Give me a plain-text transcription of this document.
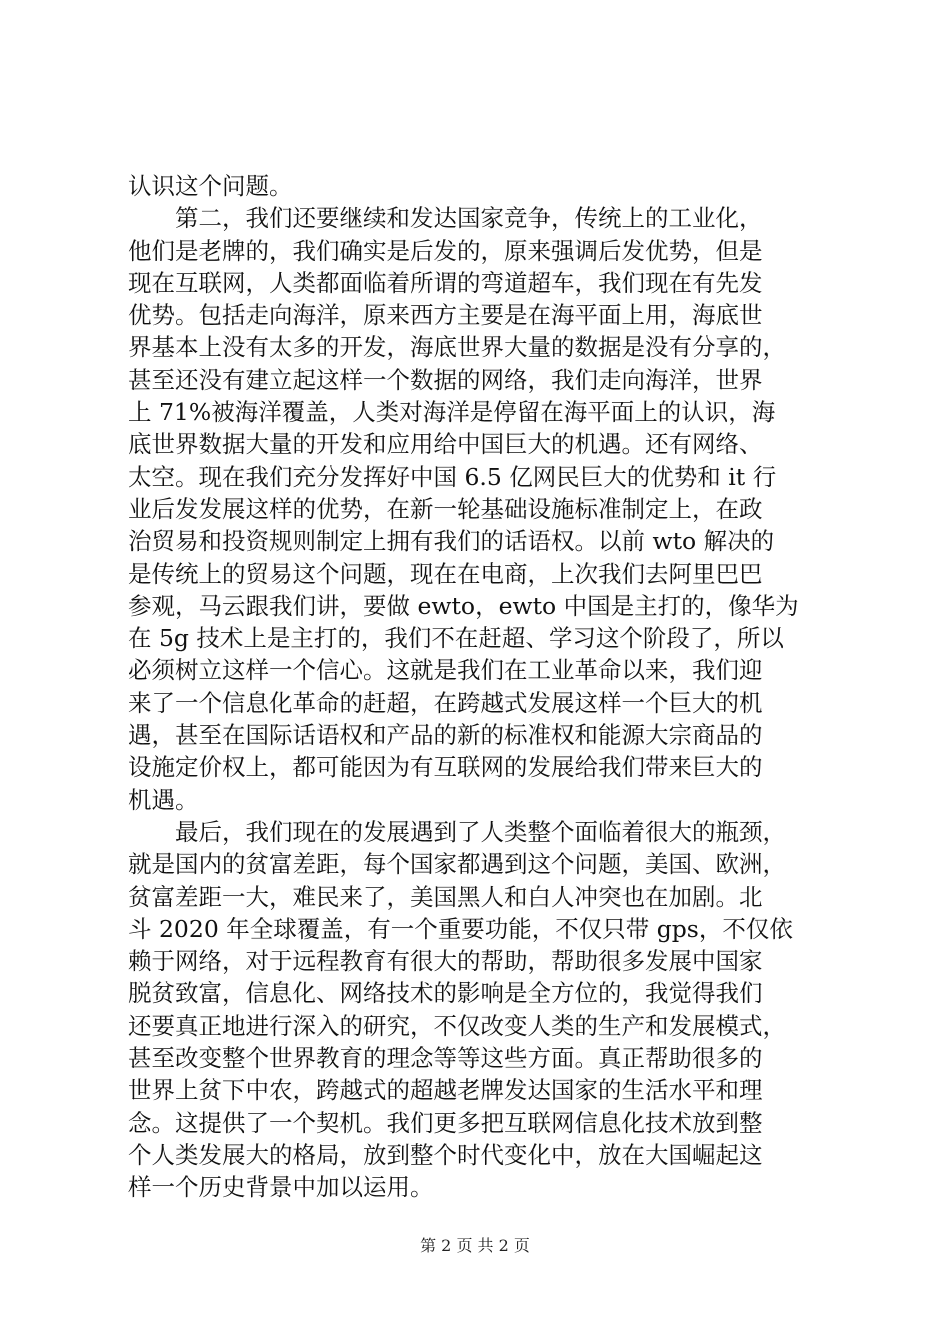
认识这个问题。
第二，我们还要继续和发达国家竞争，传统上的工业化，
他们是老牌的，我们确实是后发的，原来强调后发优势，但是
现在互联网，人类都面临着所谓的弯道超车，我们现在有先发
优势。包括走向海洋，原来西方主要是在海平面上用，海底世
界基本上没有太多的开发，海底世界大量的数据是没有分享的，
甚至还没有建立起这样一个数据的网络，我们走向海洋，世界
上 71%被海洋覆盖，人类对海洋是停留在海平面上的认识，海
底世界数据大量的开发和应用给中国巨大的机遇。还有网络、
太空。现在我们充分发挥好中国 6.5 亿网民巨大的优势和 it 行
业后发发展这样的优势，在新一轮基础设施标准制定上，在政
治贸易和投资规则制定上拥有我们的话语权。以前 wto 解决的
是传统上的贸易这个问题，现在在电商，上次我们去阿里巴巴
参观，马云跟我们讲，要做 ewto，ewto 中国是主打的，像华为
在 5g 技术上是主打的，我们不在赶超、学习这个阶段了，所以
必须树立这样一个信心。这就是我们在工业革命以来，我们迎
来了一个信息化革命的赶超，在跨越式发展这样一个巨大的机
遇，甚至在国际话语权和产品的新的标准权和能源大宗商品的
设施定价权上，都可能因为有互联网的发展给我们带来巨大的
机遇。
最后，我们现在的发展遇到了人类整个面临着很大的瓶颈，
就是国内的贫富差距，每个国家都遇到这个问题，美国、欧洲，
贫富差距一大，难民来了，美国黑人和白人冲突也在加剧。北
斗 2020 年全球覆盖，有一个重要功能，不仅只带 gps，不仅依
赖于网络，对于远程教育有很大的帮助，帮助很多发展中国家
脱贫致富，信息化、网络技术的影响是全方位的，我觉得我们
还要真正地进行深入的研究，不仅改变人类的生产和发展模式，
甚至改变整个世界教育的理念等等这些方面。真正帮助很多的
世界上贫下中农，跨越式的超越老牌发达国家的生活水平和理
念。这提供了一个契机。我们更多把互联网信息化技术放到整
个人类发展大的格局，放到整个时代变化中，放在大国崛起这
样一个历史背景中加以运用。
第 2 页 共 2 页
